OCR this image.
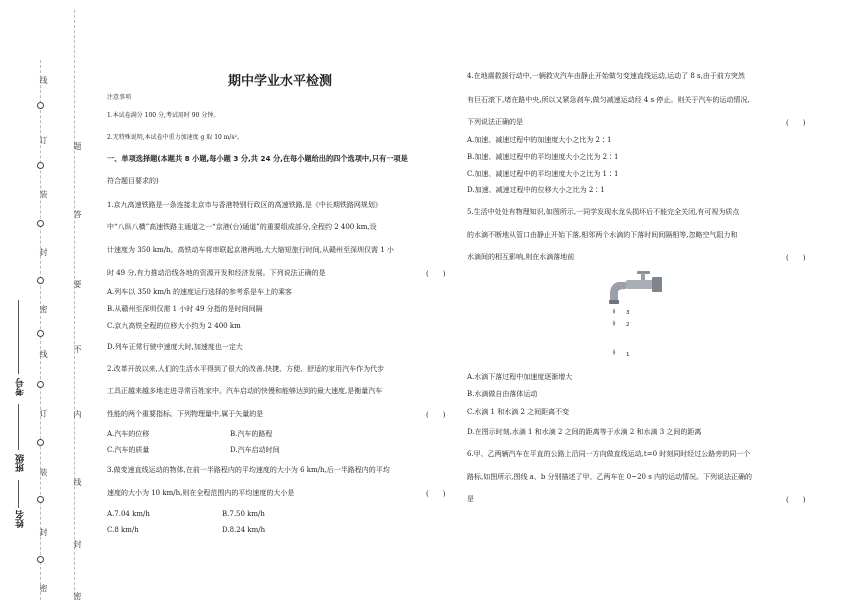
线
订
装
封
密
线
订
装
封
密
题
答
要
不
内
线
封
密
考号
班级
姓名
期中学业水平检测
注意事项
1.本试卷满分 100 分,考试用时 90 分钟。
2.无特殊说明,本试卷中重力加速度 g 取 10 m/s²。
一、单项选择题(本题共 8 小题,每小题 3 分,共 24 分,在每小题给出的四个选项中,只有一项是
符合题目要求的)
1.京九高速铁路是一条连接北京市与香港特别行政区的高速铁路,是《中长期铁路网规划》
中“八纵八横”高速铁路主通道之一“京港(台)通道”的重要组成部分,全程约 2 400 km,设
计速度为 350 km/h。高铁动车将串联起京港两地,大大缩短旅行时间,从赣州至深圳仅需 1 小
时 49 分,有力推动沿线各地的资源开发和经济发展。下列说法正确的是	(　　)
A.列车以 350 km/h 的速度运行选择的参考系是车上的乘客
B.从赣州至深圳仅需 1 小时 49 分指的是时间间隔
C.京九高铁全程的位移大小约为 2 400 km
D.列车正常行驶中速度大时,加速度也一定大
2.改革开放以来,人们的生活水平得到了很大的改善,快捷、方便、舒适的家用汽车作为代步
工具正越来越多地走进寻常百姓家中。汽车启动的快慢和能够达到的最大速度,是衡量汽车
性能的两个重要指标。下列物理量中,属于矢量的是	(　　)
A.汽车的位移	B.汽车的路程
C.汽车的质量	D.汽车启动时间
3.做变速直线运动的物体,在前一半路程内的平均速度的大小为 6 km/h,后一半路程内的平均
速度的大小为 10 km/h,则在全程范围内的平均速度的大小是	(　　)
A.7.04 km/h	B.7.50 km/h
C.8 km/h	D.8.24 km/h
4.在地震救援行动中,一辆救灾汽车由静止开始做匀变速直线运动,运动了 8 s,由于前方突然
有巨石滚下,堵在路中央,所以又紧急刹车,做匀减速运动经 4 s 停止。则关于汽车的运动情况,
下列说法正确的是	(　　)
A.加速、减速过程中的加速度大小之比为 2∶1
B.加速、减速过程中的平均速度大小之比为 2∶1
C.加速、减速过程中的平均速度大小之比为 1∶1
D.加速、减速过程中的位移大小之比为 2∶1
5.生活中处处有物理知识,如图所示,一同学发现水龙头损坏后不能完全关闭,有可视为质点
的水滴不断地从管口由静止开始下落,相邻两个水滴的下落时间间隔相等,忽略空气阻力和
水滴间的相互影响,则在水滴落地前	(　　)
3
2
1
A.水滴下落过程中加速度逐渐增大
B.水滴做自由落体运动
C.水滴 1 和水滴 2 之间距离不变
D.在图示时刻,水滴 1 和水滴 2 之间的距离等于水滴 2 和水滴 3 之间的距离
6.甲、乙两辆汽车在平直的公路上沿同一方向做直线运动,t=0 时刻同时经过公路旁的同一个
路标,如图所示,图线 a、b 分别描述了甲、乙两车在 0~20 s 内的运动情况。下列说法正确的
是	(　　)
